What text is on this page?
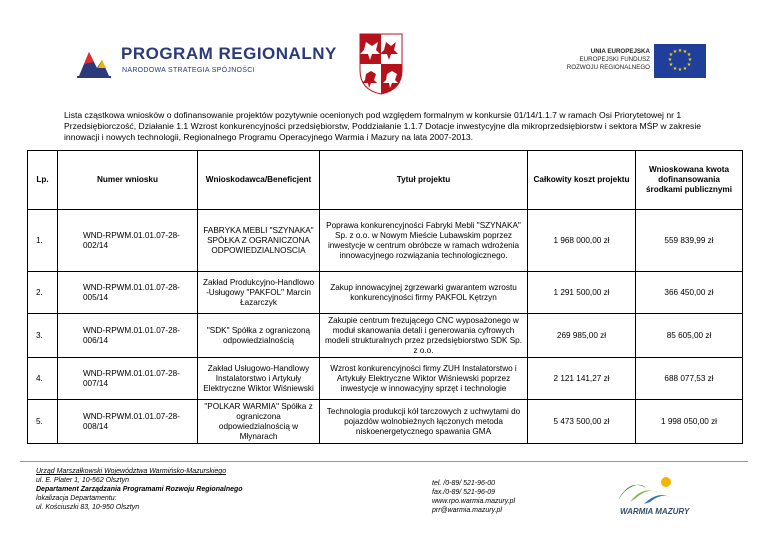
PROGRAM REGIONALNY
NARODOWA STRATEGIA SPÓJNOŚCI
UNIA EUROPEJSKA
EUROPEJSKI FUNDUSZ
ROZWOJU REGIONALNEGO
★ ★ ★
★
★
★
★
★
★
★
★ ★
Lista cząstkowa wniosków o dofinansowanie projektów pozytywnie ocenionych pod względem formalnym w konkursie 01/14/1.1.7 w ramach Osi Priorytetowej nr 1 Przedsiębiorczość, Działanie 1.1 Wzrost konkurencyjności przedsiębiorstw, Poddziałanie 1.1.7 Dotacje inwestycyjne dla mikroprzedsiębiorstw i sektora MŚP w zakresie innowacji i nowych technologii, Regionalnego Programu Operacyjnego Warmia i Mazury na lata 2007-2013.
Lp.	Numer wniosku	Wnioskodawca/Beneficjent	Tytuł projektu	Całkowity koszt projektu	Wnioskowana kwota dofinansowania środkami publicznymi
1.	WND-RPWM.01.01.07-28-002/14	FABRYKA MEBLI "SZYNAKA" SPÓŁKA Z OGRANICZONA ODPOWIEDZIALNOSCIA	Poprawa konkurencyjności Fabryki Mebli "SZYNAKA" Sp. z o.o. w Nowym Mieście Lubawskim poprzez inwestycje w centrum obróbcze w ramach wdrożenia innowacyjnego rozwiązania technologicznego.	1 968 000,00 zł	559 839,99 zł
2.	WND-RPWM.01.01.07-28-005/14	Zakład Produkcyjno-Handlowo -Usługowy "PAKFOL" Marcin Łazarczyk	Zakup innowacyjnej zgrzewarki gwarantem wzrostu konkurencyjności firmy PAKFOL Kętrzyn	1 291 500,00 zł	366 450,00 zł
3.	WND-RPWM.01.01.07-28-006/14	"SDK" Spółka z ograniczoną odpowiedzialnością	Zakupie centrum frezującego CNC wyposażonego w moduł skanowania detali i generowania cyfrowych modeli strukturalnych przez przedsiębiorstwo SDK Sp. z o.o.	269 985,00 zł	85 605,00 zł
4.	WND-RPWM.01.01.07-28-007/14	Zakład Usługowo-Handlowy Instalatorstwo i Artykuły Elektryczne Wiktor Wiśniewski	Wzrost konkurencyjności firmy ZUH Instalatorstwo i Artykuły Elektryczne Wiktor Wiśniewski poprzez inwestycje w innowacyjny sprzęt i technologie	2 121 141,27 zł	688 077,53 zł
5.	WND-RPWM.01.01.07-28-008/14	"POLKAR WARMIA" Spółka z ograniczona odpowiedzialnością w Młynarach	Technologia produkcji kół tarczowych z uchwytami do pojazdów wolnobieżnych łączonych metoda niskoenergetycznego spawania GMA	5 473 500,00 zł	1 998 050,00 zł
Urząd Marszałkowski Województwa Warmińsko-Mazurskiego
ul. E. Plater 1, 10-562 Olsztyn
Departament Zarządzania Programami Rozwoju Regionalnego
lokalizacja Departamentu:
ul. Kościuszki 83, 10-950 Olsztyn
tel. /0-89/ 521-96-00
fax./0-89/ 521-96-09
www.rpo.warmia.mazury.pl
prr@warmia.mazury.pl	WARMIA MAZURY
